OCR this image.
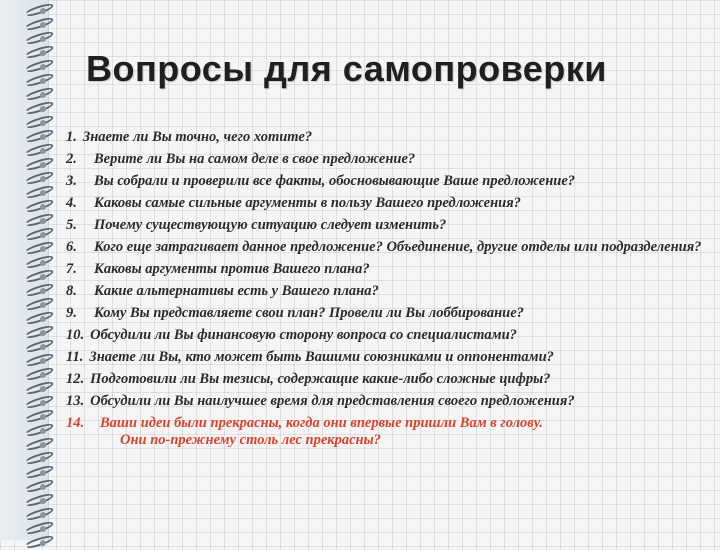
Вопросы для самопроверки
1. Знаете ли Вы точно, чего хотите?
2.	Верите ли Вы на самом деле в свое предложение?
3.	Вы собрали и проверили все факты, обосновывающие Ваше предложение?
4.	Каковы самые сильные аргументы в пользу Вашего предложения?
5.	Почему существующую ситуацию следует изменить?
6.	Кого еще затрагивает данное предложение? Объединение, другие отделы или подразделения?
7.	Каковы аргументы против Вашего плана?
8.	Какие альтернативы есть у Вашего плана?
9.	Кому Вы представляете свои план? Провели ли Вы лоббирование?
10. Обсудили ли Вы финансовую сторону вопроса со специалистами?
11. Знаете ли Вы, кто может быть Вашими союзниками и оппонентами?
12. Подготовили ли Вы тезисы, содержащие какие-либо сложные цифры?
13. Обсудили ли Вы наилучшее время для представления своего предложения?
14.	Ваши идеи были прекрасны, когда они впервые пришли Вам в голову.
Они по-прежнему столь лес прекрасны?
